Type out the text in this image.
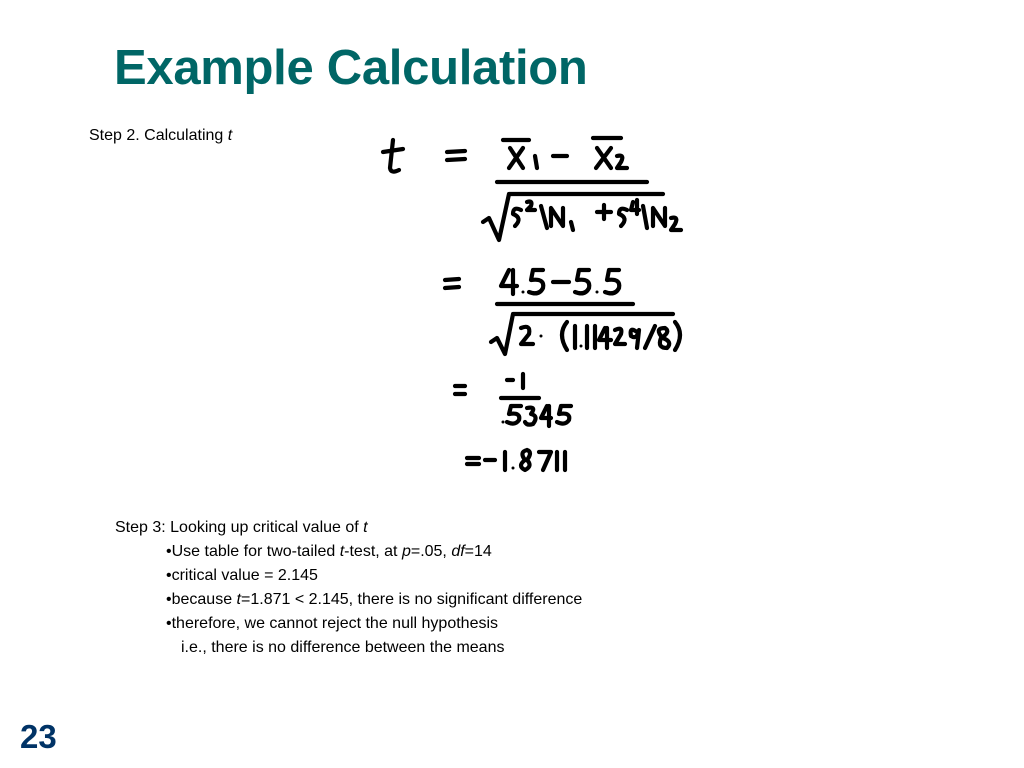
Example Calculation
Step 2. Calculating t
Step 3: Looking up critical value of t
•Use table for two-tailed t-test, at p=.05, df=14
•critical value = 2.145
•because t=1.871 < 2.145, there is no significant difference
•therefore, we cannot reject the null hypothesis
i.e., there is no difference between the means
23
